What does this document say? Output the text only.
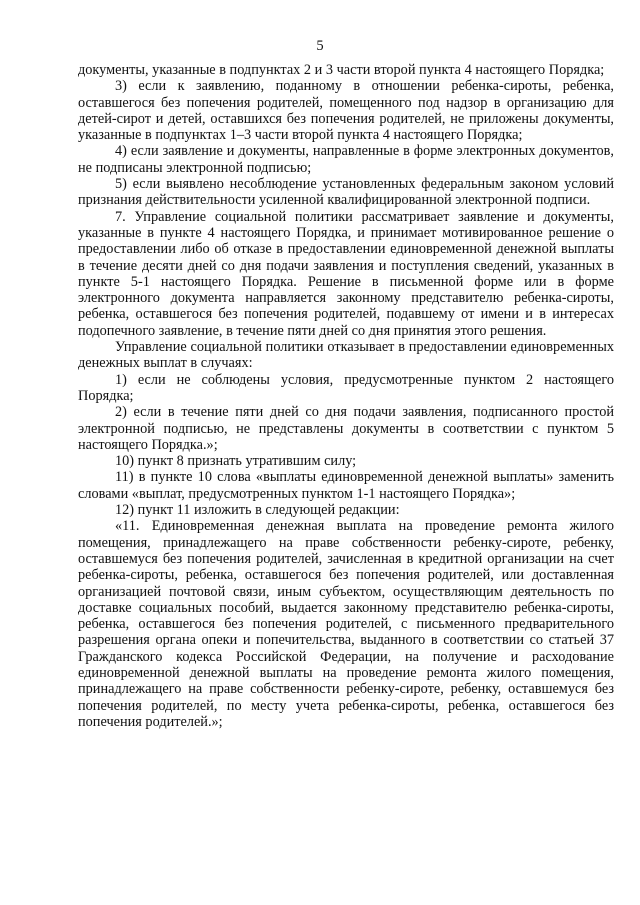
5

документы, указанные в подпунктах 2 и 3 части второй пункта 4 настоящего Порядка;

3) если к заявлению, поданному в отношении ребенка-сироты, ребенка, оставшегося без попечения родителей, помещенного под надзор в организацию для детей-сирот и детей, оставшихся без попечения родителей, не приложены документы, указанные в подпунктах 1–3 части второй пункта 4 настоящего Порядка;

4) если заявление и документы, направленные в форме электронных документов, не подписаны электронной подписью;

5) если выявлено несоблюдение установленных федеральным законом условий признания действительности усиленной квалифицированной электронной подписи.

7. Управление социальной политики рассматривает заявление и документы, указанные в пункте 4 настоящего Порядка, и принимает мотивированное решение о предоставлении либо об отказе в предоставлении единовременной денежной выплаты в течение десяти дней со дня подачи заявления и поступления сведений, указанных в пункте 5-1 настоящего Порядка. Решение в письменной форме или в форме электронного документа направляется законному представителю ребенка-сироты, ребенка, оставшегося без попечения родителей, подавшему от имени и в интересах подопечного заявление, в течение пяти дней со дня принятия этого решения.

Управление социальной политики отказывает в предоставлении единовременных денежных выплат в случаях:

1) если не соблюдены условия, предусмотренные пунктом 2 настоящего Порядка;

2) если в течение пяти дней со дня подачи заявления, подписанного простой электронной подписью, не представлены документы в соответствии с пунктом 5 настоящего Порядка.»;

10) пункт 8 признать утратившим силу;

11) в пункте 10 слова «выплаты единовременной денежной выплаты» заменить словами «выплат, предусмотренных пунктом 1-1 настоящего Порядка»;

12) пункт 11 изложить в следующей редакции:

«11. Единовременная денежная выплата на проведение ремонта жилого помещения, принадлежащего на праве собственности ребенку-сироте, ребенку, оставшемуся без попечения родителей, зачисленная в кредитной организации на счет ребенка-сироты, ребенка, оставшегося без попечения родителей, или доставленная организацией почтовой связи, иным субъектом, осуществляющим деятельность по доставке социальных пособий, выдается законному представителю ребенка-сироты, ребенка, оставшегося без попечения родителей, с письменного предварительного разрешения органа опеки и попечительства, выданного в соответствии со статьей 37 Гражданского кодекса Российской Федерации, на получение и расходование единовременной денежной выплаты на проведение ремонта жилого помещения, принадлежащего на праве собственности ребенку-сироте, ребенку, оставшемуся без попечения родителей, по месту учета ребенка-сироты, ребенка, оставшегося без попечения родителей.»;
